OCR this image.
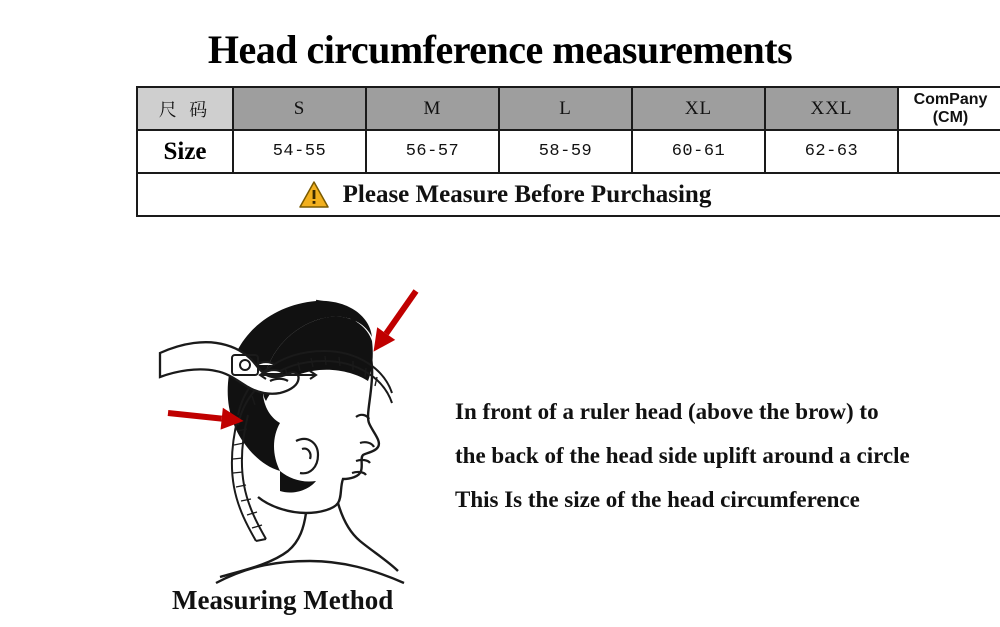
Head circumference measurements
尺 码	S	M	L	XL	XXL	ComPany (CM)
Size	54-55	56-57	58-59	60-61	62-63	

Please Measure Before Purchasing						
Measuring Method
In front of a ruler head (above the brow) to
the back of the head side uplift around a circle
This Is the size of the head circumference
